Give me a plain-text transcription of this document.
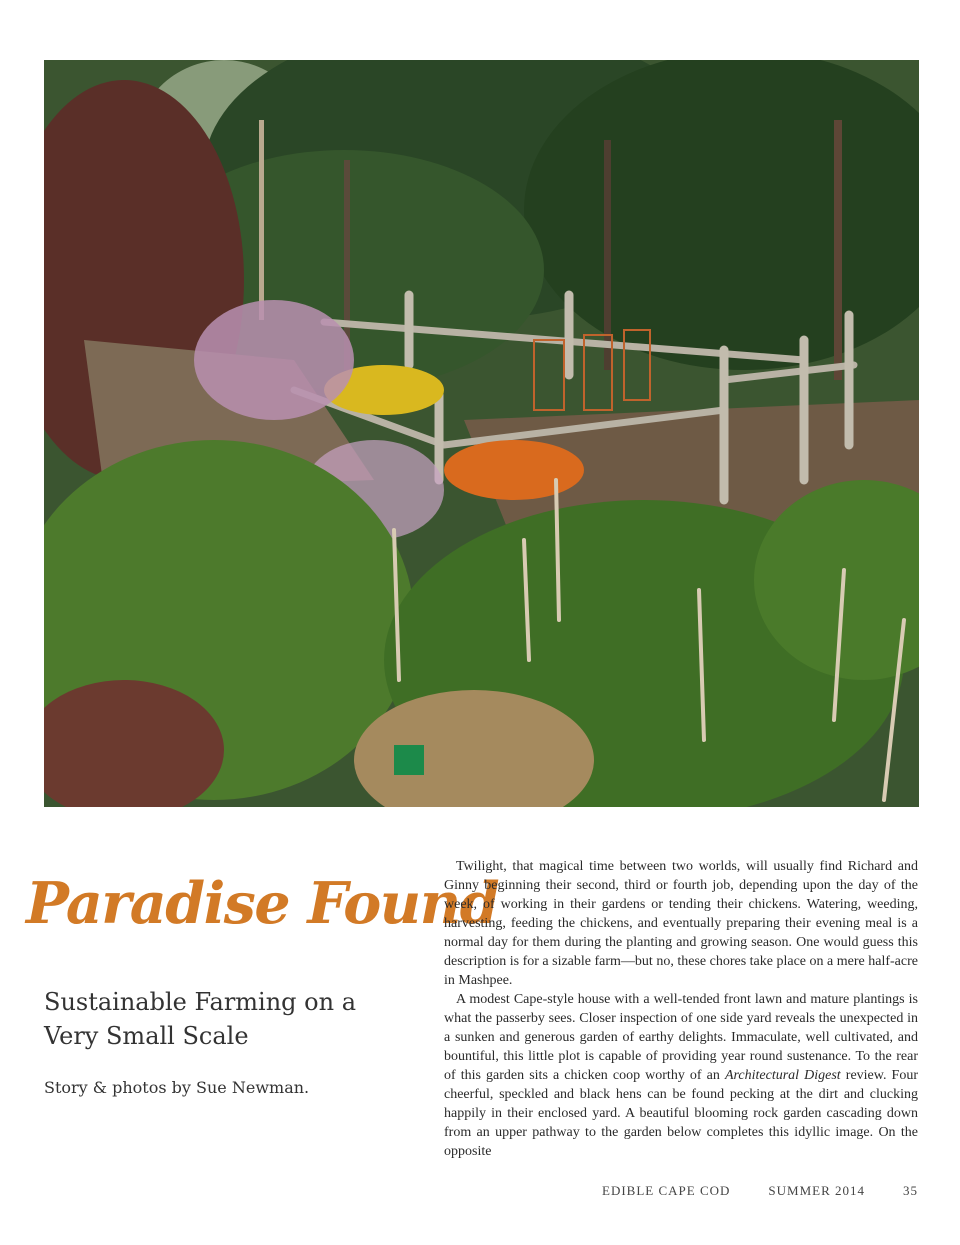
Paradise Found
Sustainable Farming on a Very Small Scale

Story & photos by Sue Newman.

Twilight, that magical time between two worlds, will usually find Richard and Ginny beginning their second, third or fourth job, depending upon the day of the week, of working in their gardens or tending their chickens. Watering, weeding, harvesting, feeding the chickens, and eventually preparing their evening meal is a normal day for them during the planting and growing season. One would guess this description is for a sizable farm—but no, these chores take place on a mere half-acre in Mashpee.

A modest Cape-style house with a well-tended front lawn and mature plantings is what the passerby sees. Closer inspection of one side yard reveals the unexpected in a sunken and generous garden of earthy delights. Immaculate, well cultivated, and bountiful, this little plot is capable of providing year round sustenance. To the rear of this garden sits a chicken coop worthy of an Architectural Digest review. Four cheerful, speckled and black hens can be found pecking at the dirt and clucking happily in their enclosed yard. A beautiful blooming rock garden cascading down from an upper pathway to the garden below completes this idyllic image. On the opposite

EDIBLE CAPE COD	SUMMER 2014	35
